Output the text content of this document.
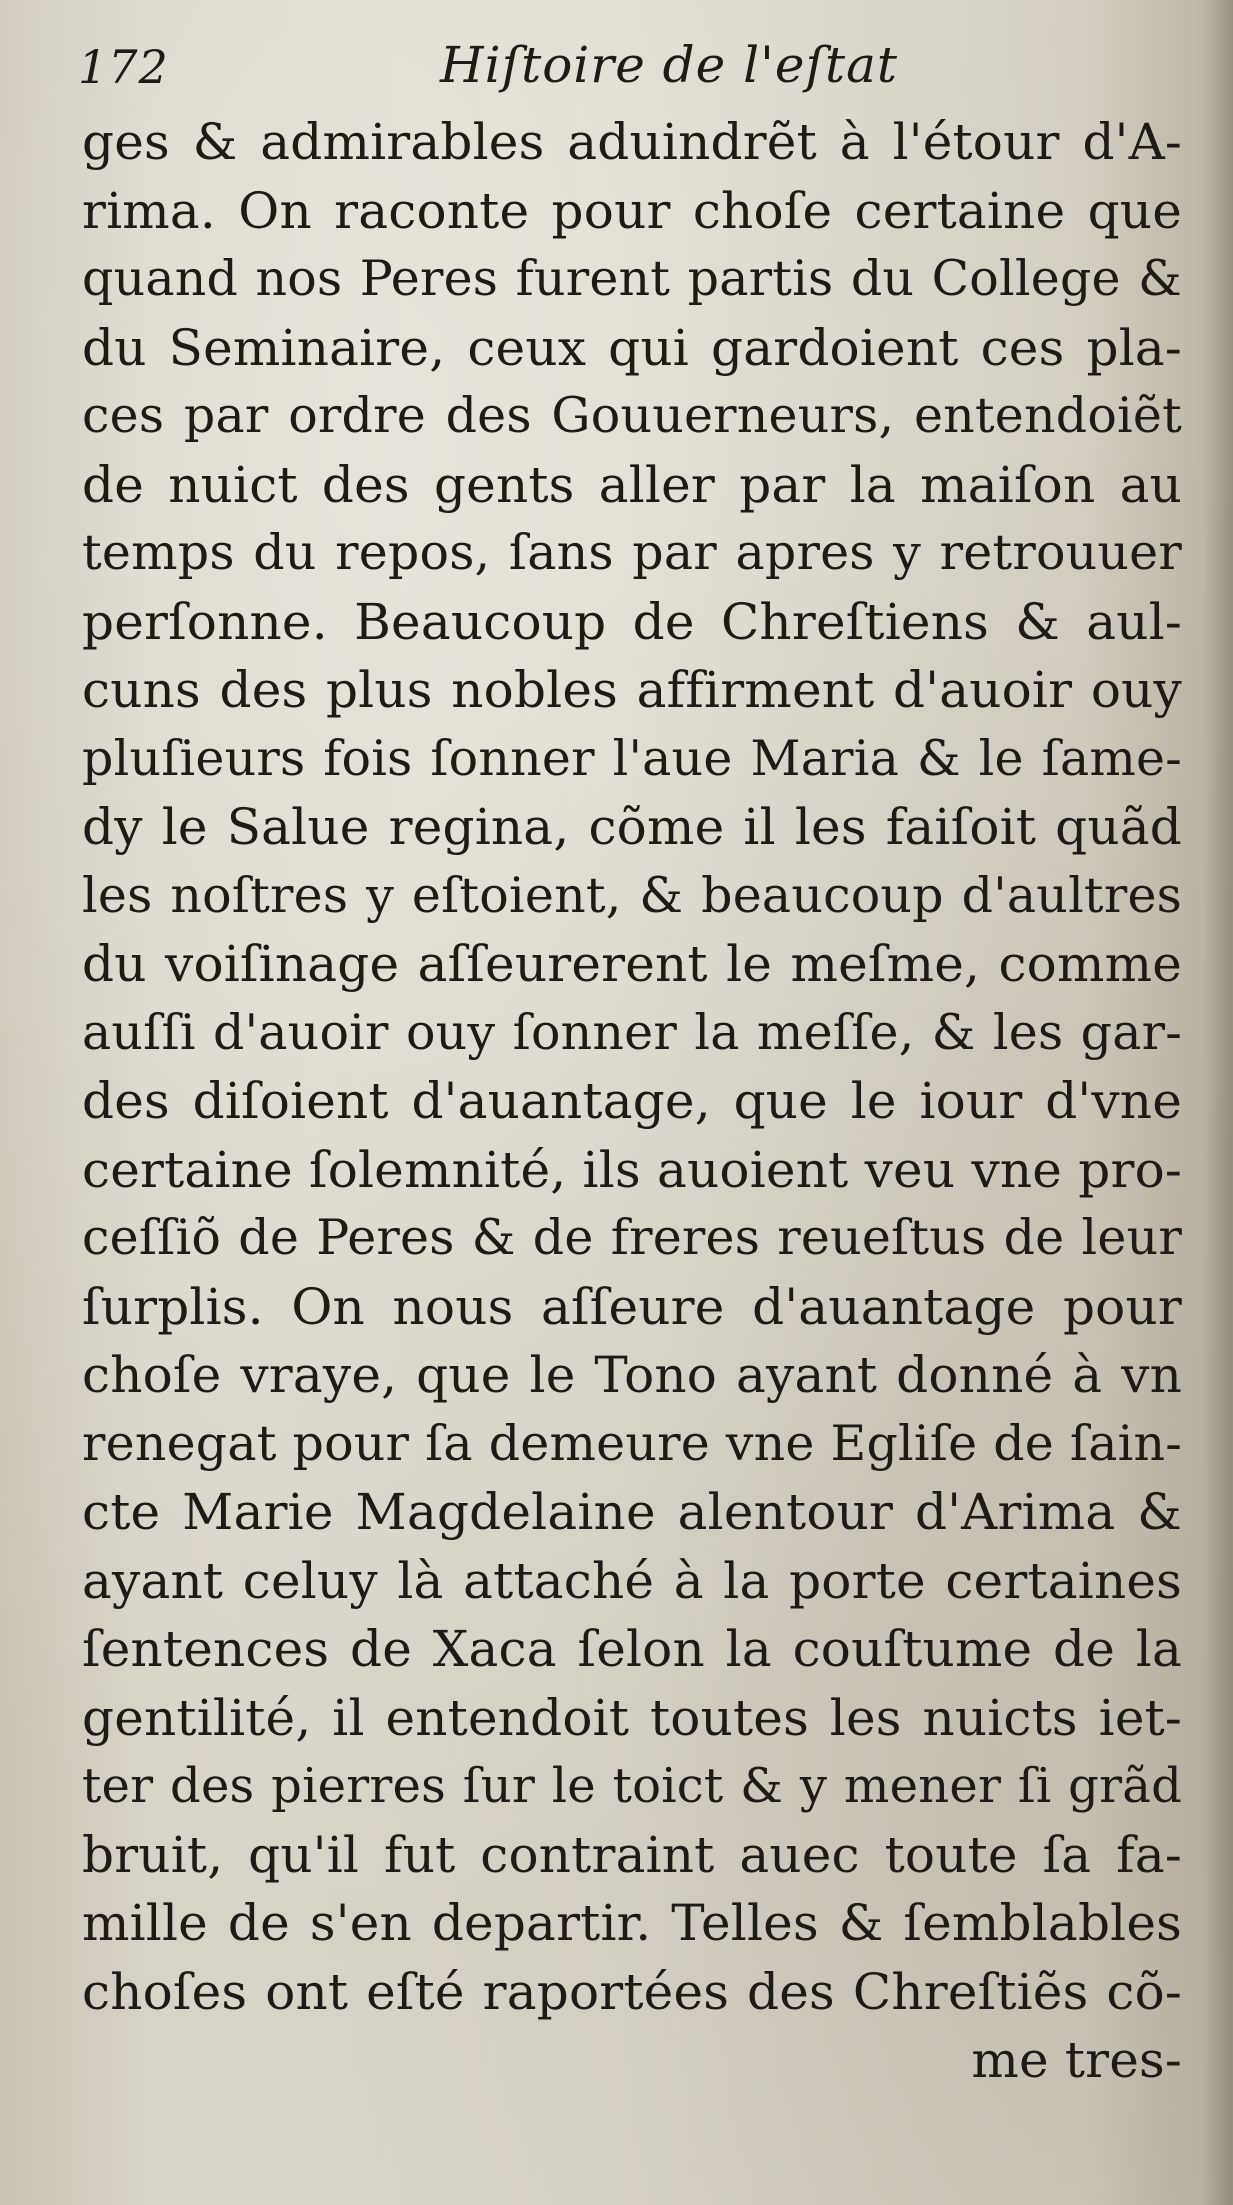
172	Hiſtoire de l'eſtat
ges & admirables aduindrẽt à l'étour d'A-
rima. On raconte pour choſe certaine que
quand nos Peres furent partis du College &
du Seminaire, ceux qui gardoient ces pla-
ces par ordre des Gouuerneurs, entendoiẽt
de nuict des gents aller par la maiſon au
temps du repos, ſans par apres y retrouuer
perſonne. Beaucoup de Chreſtiens & aul-
cuns des plus nobles affirment d'auoir ouy
pluſieurs fois ſonner l'aue Maria & le ſame-
dy le Salue regina, cõme il les faiſoit quãd
les noſtres y eſtoient, & beaucoup d'aultres
du voiſinage aſſeurerent le meſme, comme
auſſi d'auoir ouy ſonner la meſſe, & les gar-
des diſoient d'auantage, que le iour d'vne
certaine ſolemnité, ils auoient veu vne pro-
ceſſiõ de Peres & de freres reueſtus de leur
ſurplis. On nous aſſeure d'auantage pour
choſe vraye, que le Tono ayant donné à vn
renegat pour ſa demeure vne Egliſe de ſain-
cte Marie Magdelaine alentour d'Arima &
ayant celuy là attaché à la porte certaines
ſentences de Xaca ſelon la couſtume de la
gentilité, il entendoit toutes les nuicts iet-
ter des pierres ſur le toict & y mener ſi grãd
bruit, qu'il fut contraint auec toute ſa fa-
mille de s'en departir. Telles & ſemblables
choſes ont eſté raportées des Chreſtiẽs cõ-
me tres-
